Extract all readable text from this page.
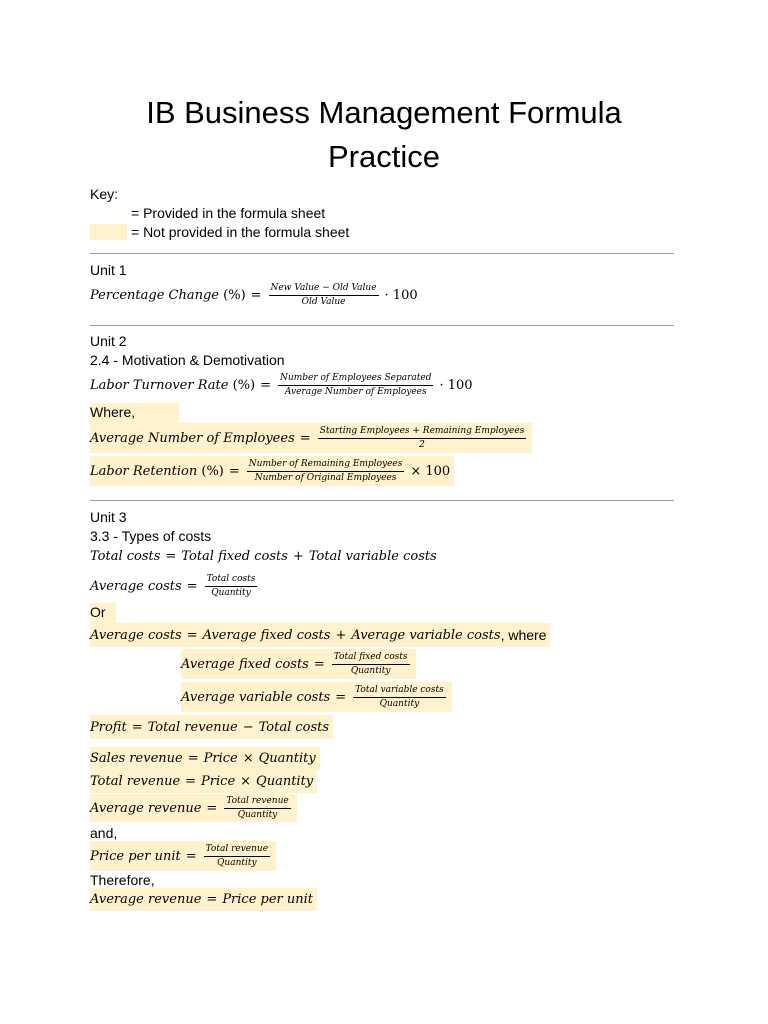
IB Business Management Formula
Practice
Key:
= Provided in the formula sheet
= Not provided in the formula sheet
Unit 1
Percentage Change
(%) = $\frac{\text{New Value − Old Value}}{\text{Old Value}} \cdot 100$
Unit 2
2.4 - Motivation & Demotivation
Labor Turnover Rate
(%) = $\frac{\text{Number of Employees Separated}}{\text{Average Number of Employees}} \cdot 100$
Where,
Average Number of Employees = $\frac{\text{Starting Employees + Remaining Employees}}{2}$
Labor Retention
(%) = $\frac{\text{Number of Remaining Employees}}{\text{Number of Original Employees}} \times 100$
Unit 3
3.3 - Types of costs
Total costs = Total fixed costs + Total variable costs
Average costs = $\frac{\text{Total costs}}{\text{Quantity}}$
Or
Average costs = Average fixed costs + Average variable costs , where
Average fixed costs = $\frac{\text{Total fixed costs}}{\text{Quantity}}$
Average variable costs = $\frac{\text{Total variable costs}}{\text{Quantity}}$
Profit = Total revenue − Total costs
Sales revenue = Price × Quantity
Total revenue = Price × Quantity
Average revenue = $\frac{\text{Total revenue}}{\text{Quantity}}$
and,
Price per unit = $\frac{\text{Total revenue}}{\text{Quantity}}$
Therefore,
Average revenue = Price per unit
